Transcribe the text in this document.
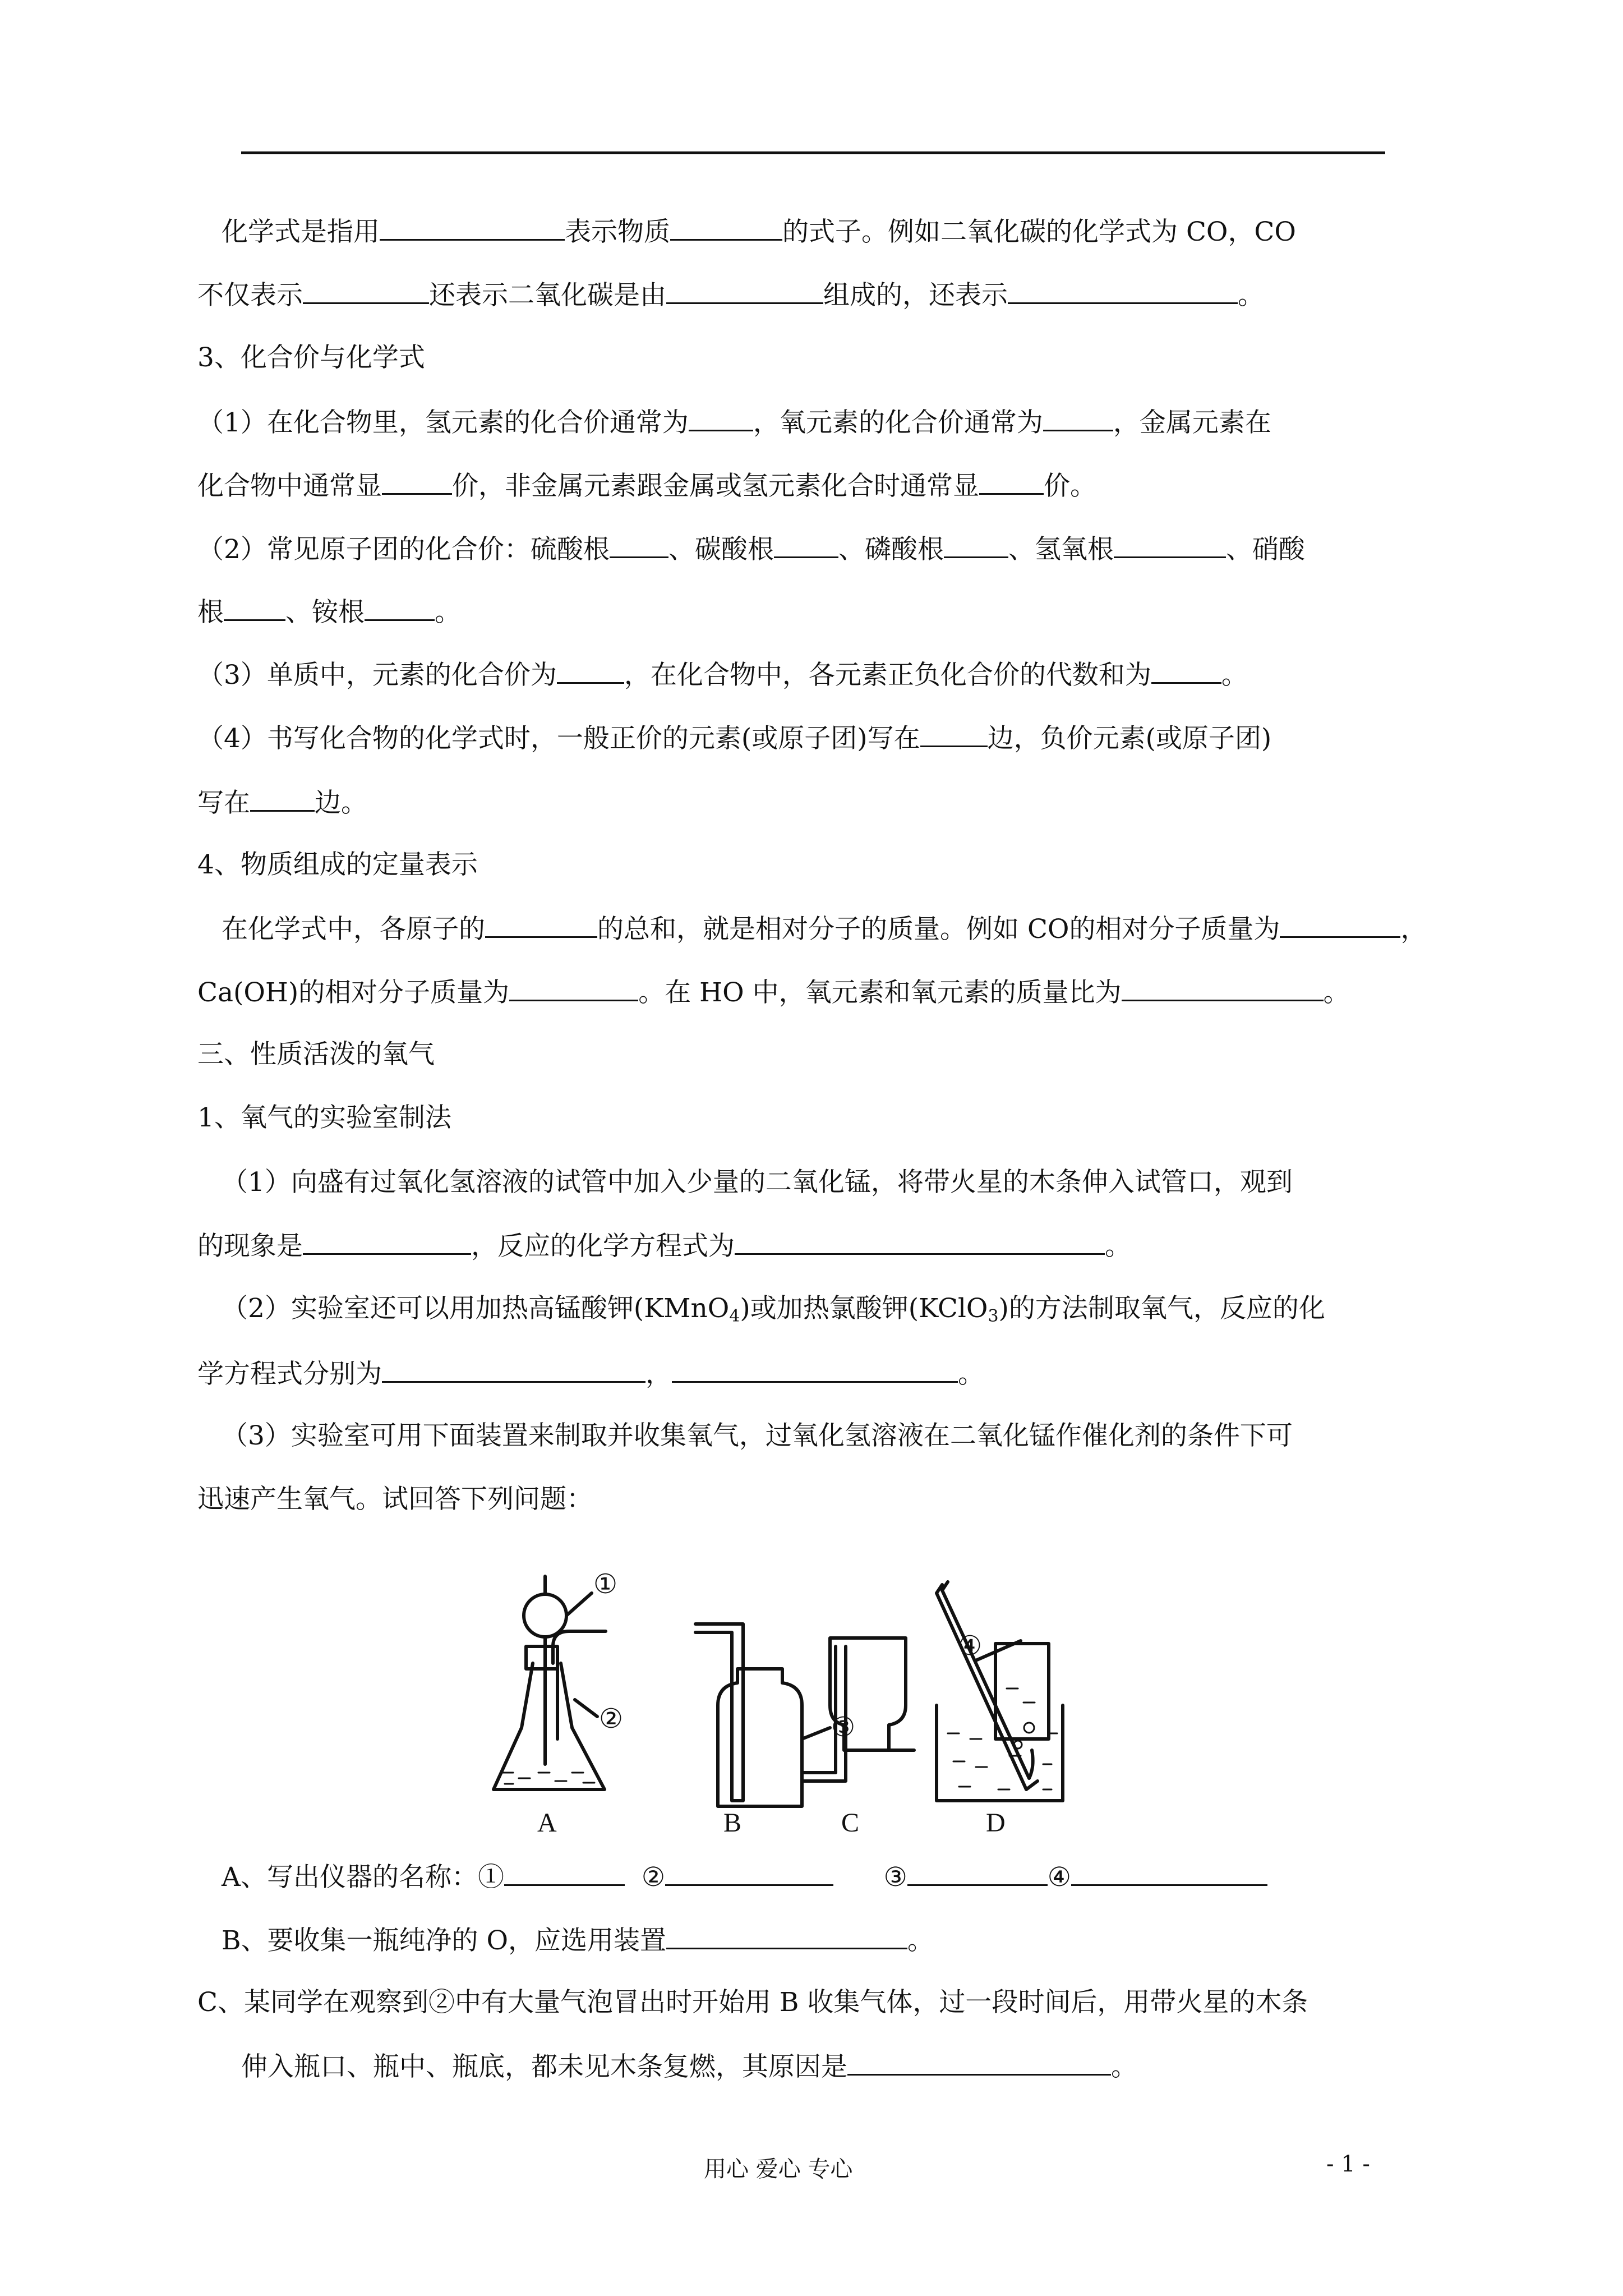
化学式是指用	表示物质	的式子。例如二氧化碳的化学式为 CO，CO
不仅表示	还表示二氧化碳是由	组成的，还表示	。
3、化合价与化学式
（1）在化合物里，氢元素的化合价通常为 ，氧元素的化合价通常为	，金属元素在
化合物中通常显	价，非金属元素跟金属或氢元素化合时通常显 价。
（2）常见原子团的化合价：硫酸根 、碳酸根 、磷酸根 、氢氧根	、硝酸
根 、铵根	。
（3）单质中，元素的化合价为	，在化合物中，各元素正负化合价的代数和为	。
（4）书写化合物的化学式时，一般正价的元素(或原子团)写在	边，负价元素(或原子团)
写在 边。
4、物质组成的定量表示
在化学式中，各原子的	的总和，就是相对分子的质量。例如 CO的相对分子质量为	，
Ca(OH)的相对分子质量为	。在 HO 中，氧元素和氧元素的质量比为	。
三、性质活泼的氧气
1、氧气的实验室制法
（1）向盛有过氧化氢溶液的试管中加入少量的二氧化锰，将带火星的木条伸入试管口，观到
的现象是	，反应的化学方程式为	。
（2）实验室还可以用加热高锰酸钾(KMnO$_4$)或加热氯酸钾(KClO$_3$)的方法制取氧气，反应的化
学方程式分别为	，	。
（3）实验室可用下面装置来制取并收集氧气，过氧化氢溶液在二氧化锰作催化剂的条件下可
迅速产生氧气。试回答下列问题：
A	B	C	D
①
②	③
④
A、写出仪器的名称：①	②	③	④
B、要收集一瓶纯净的 O，应选用装置	。
C、某同学在观察到②中有大量气泡冒出时开始用 B 收集气体，过一段时间后，用带火星的木条
伸入瓶口、瓶中、瓶底，都未见木条复燃，其原因是	。
用心 爱心 专心	- 1 -
